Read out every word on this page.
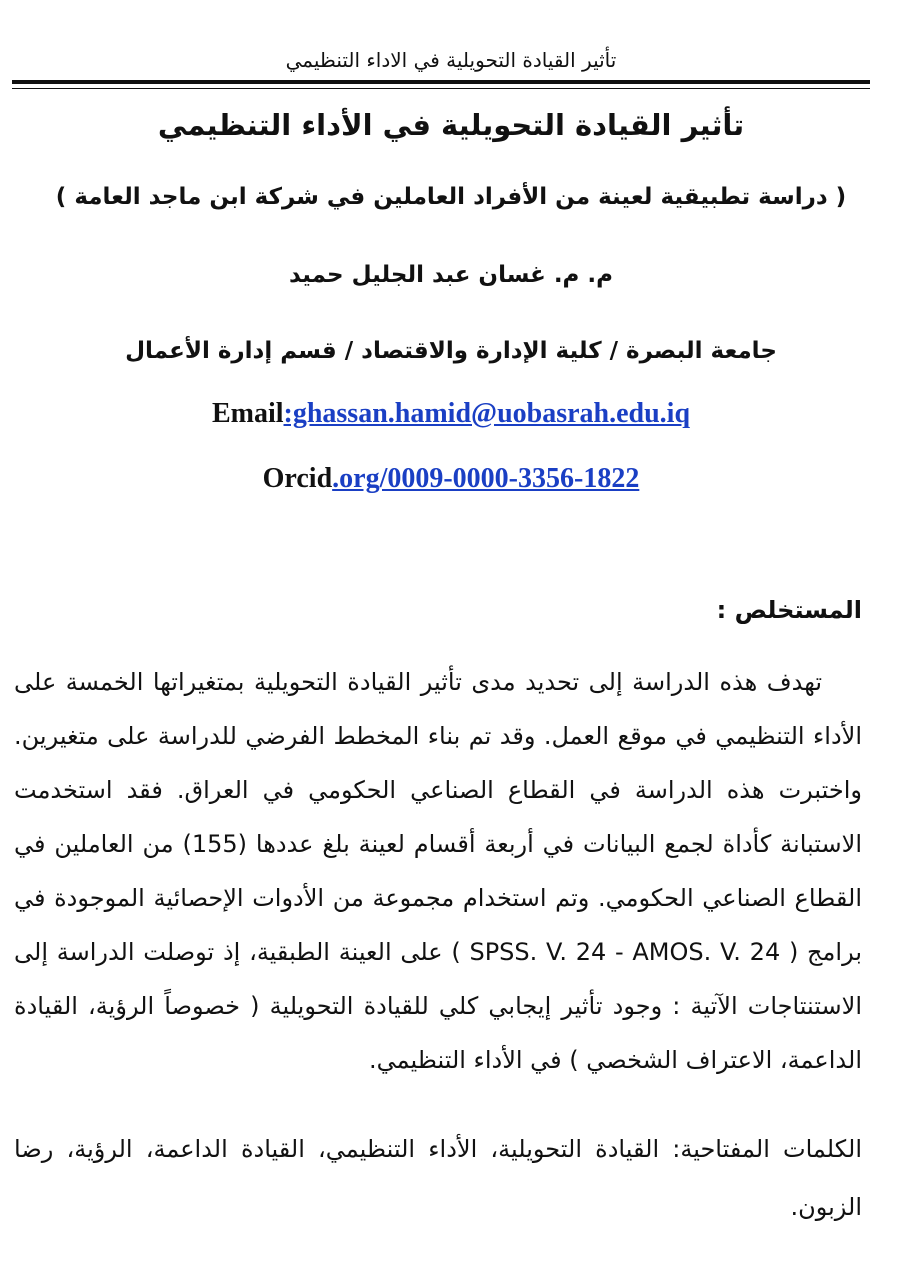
تأثير القيادة التحويلية في الاداء التنظيمي
تأثير القيادة التحويلية في الأداء التنظيمي
( دراسة تطبيقية لعينة من الأفراد العاملين في شركة ابن ماجد العامة )
م. م. غسان عبد الجليل حميد
جامعة البصرة / كلية الإدارة والاقتصاد / قسم إدارة الأعمال
Email:ghassan.hamid@uobasrah.edu.iq
Orcid.org/0009-0000-3356-1822
المستخلص :
تهدف هذه الدراسة إلى تحديد مدى تأثير القيادة التحويلية بمتغيراتها الخمسة على الأداء التنظيمي في موقع العمل. وقد تم بناء المخطط الفرضي للدراسة على متغيرين. واختبرت هذه الدراسة في القطاع الصناعي الحكومي في العراق. فقد استخدمت الاستبانة كأداة لجمع البيانات في أربعة أقسام لعينة بلغ عددها (155) من العاملين في القطاع الصناعي الحكومي. وتم استخدام مجموعة من الأدوات الإحصائية الموجودة في برامج ( SPSS. V. 24 - AMOS. V. 24 ) على العينة الطبقية، إذ توصلت الدراسة إلى الاستنتاجات الآتية : وجود تأثير إيجابي كلي للقيادة التحويلية ( خصوصاً الرؤية، القيادة الداعمة، الاعتراف الشخصي ) في الأداء التنظيمي.
الكلمات المفتاحية: القيادة التحويلية، الأداء التنظيمي، القيادة الداعمة، الرؤية، رضا الزبون.
